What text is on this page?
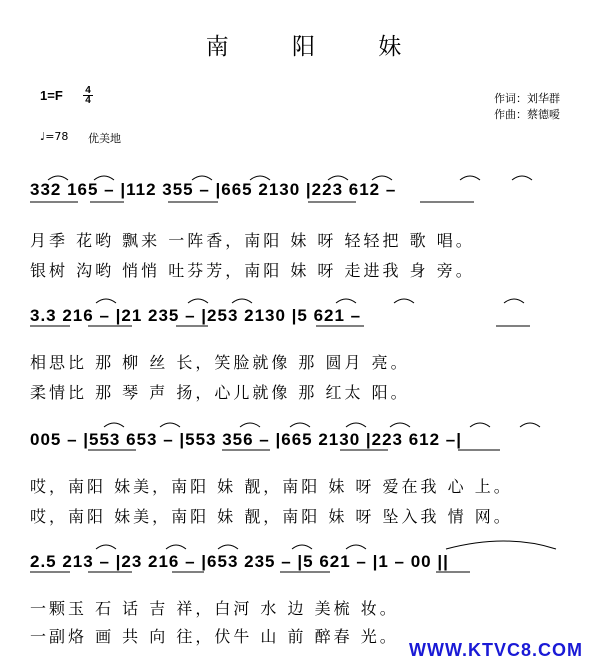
南 阳 妹
1=F	4
4	作词：刘华群
作曲：蔡德嗳
♩=78 优美地
332 165 – |112 355 – |665 2130 |223 612 –
月季 花哟 飘来 一阵香，南阳 妹 呀 轻轻把 歌 唱。
银树 沟哟 悄悄 吐芬芳，南阳 妹 呀 走进我 身 旁。
3.3 216 – |21 235 – |253 2130 |5 621 –
相思比 那 柳 丝 长，笑脸就像 那 圆月 亮。
柔情比 那 琴 声 扬，心儿就像 那 红太 阳。
005 – |553 653 – |553 356 – |665 2130 |223 612 –|
哎，南阳 妹美，南阳 妹 靓，南阳 妹 呀 爱在我 心 上。
哎，南阳 妹美，南阳 妹 靓，南阳 妹 呀 坠入我 情 网。
2.5 213 – |23 216 – |653 235 – |5 621 – |1 – 00 ||
一颗玉 石 话 吉 祥，白河 水 边 美梳 妆。
一副烙 画 共 向 往，伏牛 山 前 醉春 光。
WWW.KTVC8.COM
